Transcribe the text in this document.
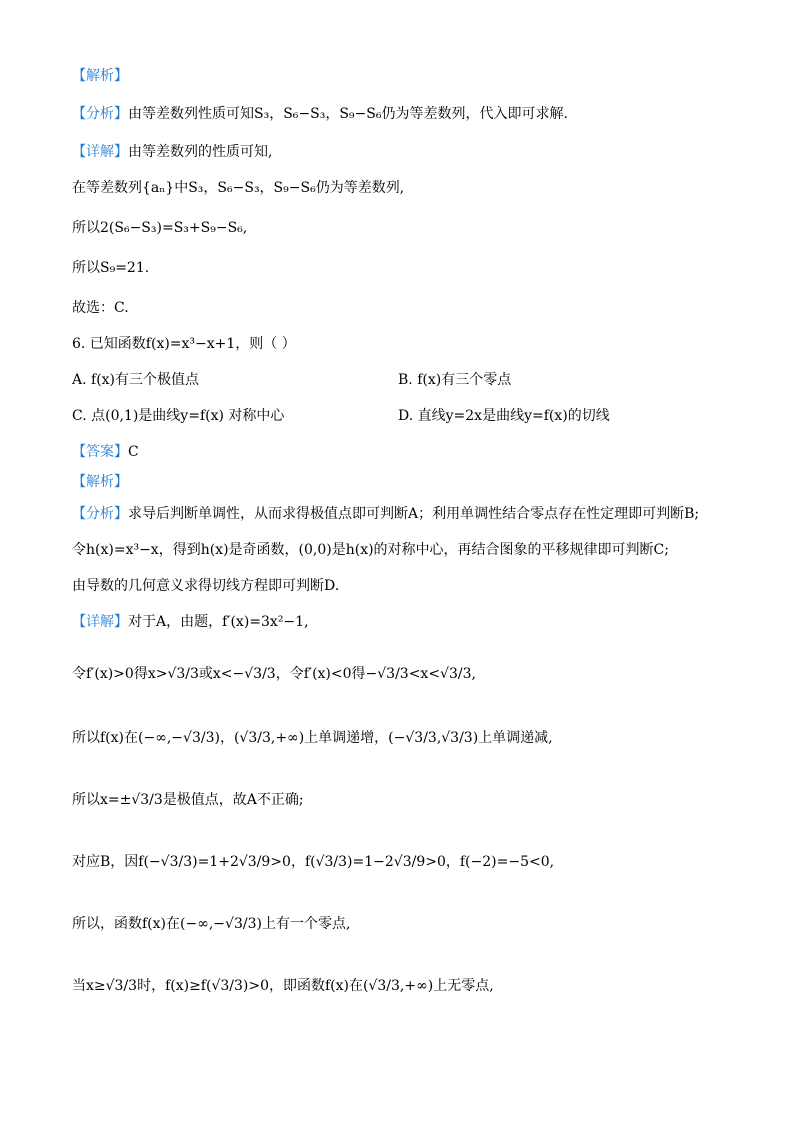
【解析】
【分析】由等差数列性质可知S₃，S₆−S₃，S₉−S₆仍为等差数列，代入即可求解.
【详解】由等差数列的性质可知,
在等差数列{aₙ}中S₃，S₆−S₃，S₉−S₆仍为等差数列,
所以2(S₆−S₃)=S₃+S₉−S₆,
所以S₉=21.
故选：C.
6. 已知函数f(x)=x³−x+1，则（ ）
A. f(x)有三个极值点	B. f(x)有三个零点
C. 点(0,1)是曲线y=f(x) 对称中心	D. 直线y=2x是曲线y=f(x)的切线
【答案】C
【解析】
【分析】求导后判断单调性，从而求得极值点即可判断A；利用单调性结合零点存在性定理即可判断B;
令h(x)=x³−x，得到h(x)是奇函数，(0,0)是h(x)的对称中心，再结合图象的平移规律即可判断C;
由导数的几何意义求得切线方程即可判断D.
【详解】对于A，由题，f′(x)=3x²−1,
令f′(x)>0得x>√3/3或x<−√3/3，令f′(x)<0得−√3/3<x<√3/3,
所以f(x)在(−∞,−√3/3)，(√3/3,+∞)上单调递增，(−√3/3,√3/3)上单调递减,
所以x=±√3/3是极值点，故A不正确;
对应B，因f(−√3/3)=1+2√3/9>0，f(√3/3)=1−2√3/9>0，f(−2)=−5<0,
所以，函数f(x)在(−∞,−√3/3)上有一个零点,
当x≥√3/3时，f(x)≥f(√3/3)>0，即函数f(x)在(√3/3,+∞)上无零点,
